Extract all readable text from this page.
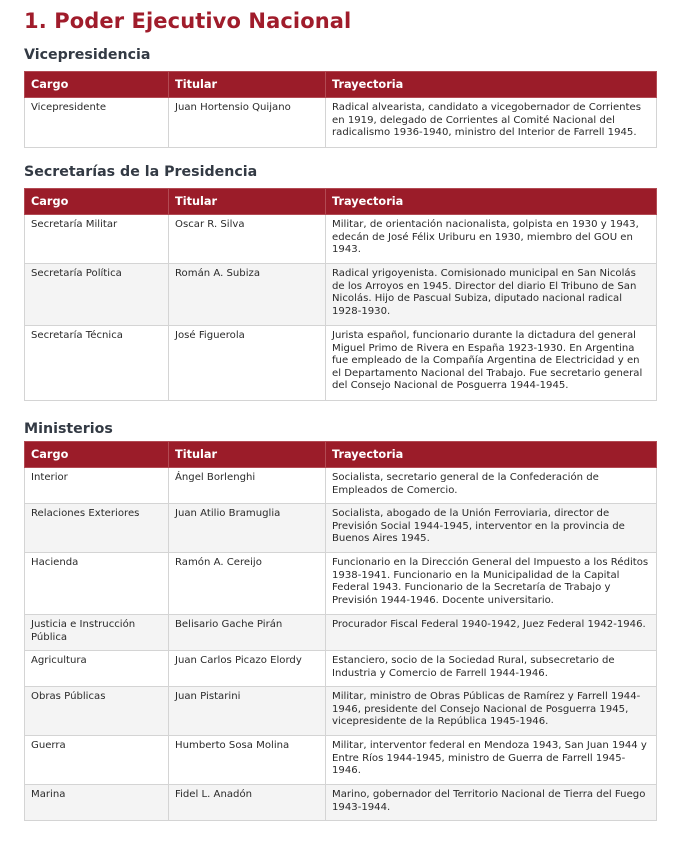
1. Poder Ejecutivo Nacional
Vicepresidencia
Cargo	Titular	Trayectoria
Vicepresidente	Juan Hortensio Quijano	Radical alvearista, candidato a vicegobernador de Corrientes en 1919, delegado de Corrientes al Comité Nacional del radicalismo 1936-1940, ministro del Interior de Farrell 1945.
Secretarías de la Presidencia
Cargo	Titular	Trayectoria
Secretaría Militar	Oscar R. Silva	Militar, de orientación nacionalista, golpista en 1930 y 1943, edecán de José Félix Uriburu en 1930, miembro del GOU en 1943.
Secretaría Política	Román A. Subiza	Radical yrigoyenista. Comisionado municipal en San Nicolás de los Arroyos en 1945. Director del diario El Tribuno de San Nicolás. Hijo de Pascual Subiza, diputado nacional radical 1928-1930.
Secretaría Técnica	José Figuerola	Jurista español, funcionario durante la dictadura del general Miguel Primo de Rivera en España 1923-1930. En Argentina fue empleado de la Compañía Argentina de Electricidad y en el Departamento Nacional del Trabajo. Fue secretario general del Consejo Nacional de Posguerra 1944-1945.
Ministerios
Cargo	Titular	Trayectoria
Interior	Ángel Borlenghi	Socialista, secretario general de la Confederación de Empleados de Comercio.
Relaciones Exteriores	Juan Atilio Bramuglia	Socialista, abogado de la Unión Ferroviaria, director de Previsión Social 1944-1945, interventor en la provincia de Buenos Aires 1945.
Hacienda	Ramón A. Cereijo	Funcionario en la Dirección General del Impuesto a los Réditos 1938-1941. Funcionario en la Municipalidad de la Capital Federal 1943. Funcionario de la Secretaría de Trabajo y Previsión 1944-1946. Docente universitario.
Justicia e Instrucción Pública	Belisario Gache Pirán	Procurador Fiscal Federal 1940-1942, Juez Federal 1942-1946.
Agricultura	Juan Carlos Picazo Elordy	Estanciero, socio de la Sociedad Rural, subsecretario de Industria y Comercio de Farrell 1944-1946.
Obras Públicas	Juan Pistarini	Militar, ministro de Obras Públicas de Ramírez y Farrell 1944-1946, presidente del Consejo Nacional de Posguerra 1945, vicepresidente de la República 1945-1946.
Guerra	Humberto Sosa Molina	Militar, interventor federal en Mendoza 1943, San Juan 1944 y Entre Ríos 1944-1945, ministro de Guerra de Farrell 1945-1946.
Marina	Fidel L. Anadón	Marino, gobernador del Territorio Nacional de Tierra del Fuego 1943-1944.
